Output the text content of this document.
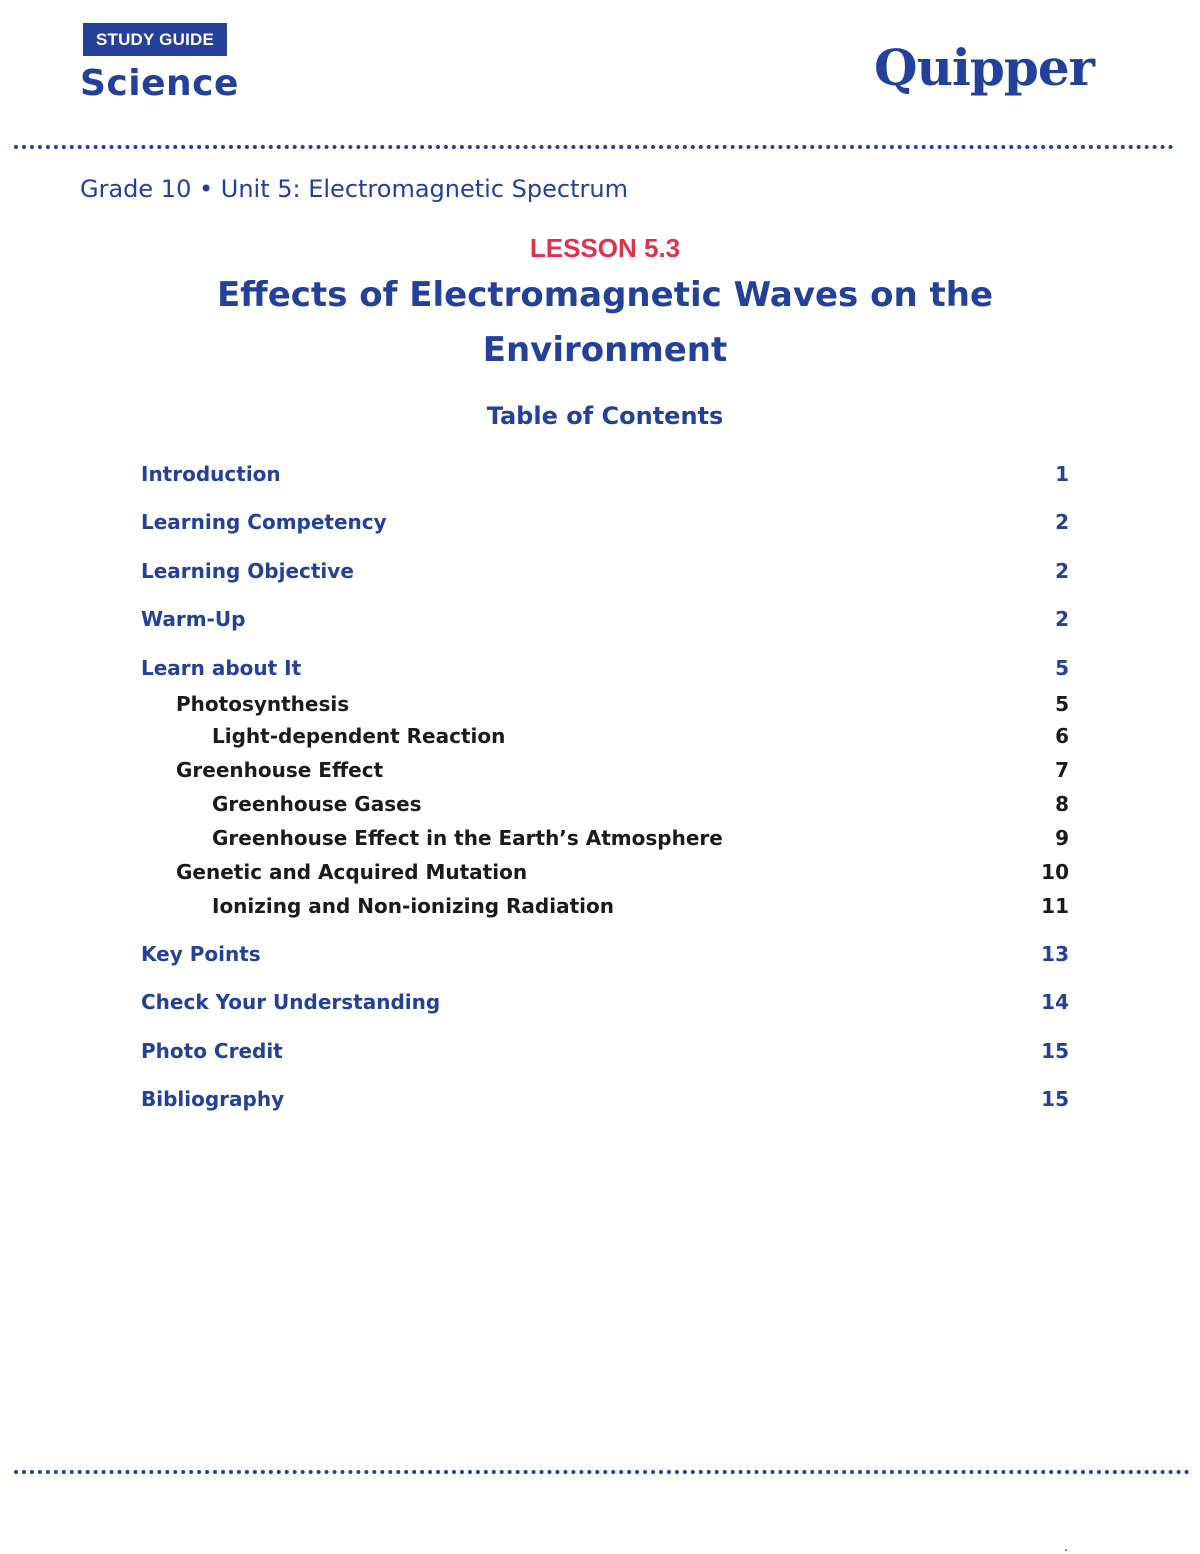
STUDY GUIDE
Science	Quipper
Grade 10 • Unit 5: Electromagnetic Spectrum
LESSON 5.3
Effects of Electromagnetic Waves on the Environment
Table of Contents
Introduction	1
Learning Competency	2
Learning Objective	2
Warm-Up	2
Learn about It	5
Photosynthesis	5
Light-dependent Reaction	6
Greenhouse Effect	7
Greenhouse Gases	8
Greenhouse Effect in the Earth’s Atmosphere	9
Genetic and Acquired Mutation	10
Ionizing and Non-ionizing Radiation	11
Key Points	13
Check Your Understanding	14
Photo Credit	15
Bibliography	15
.
